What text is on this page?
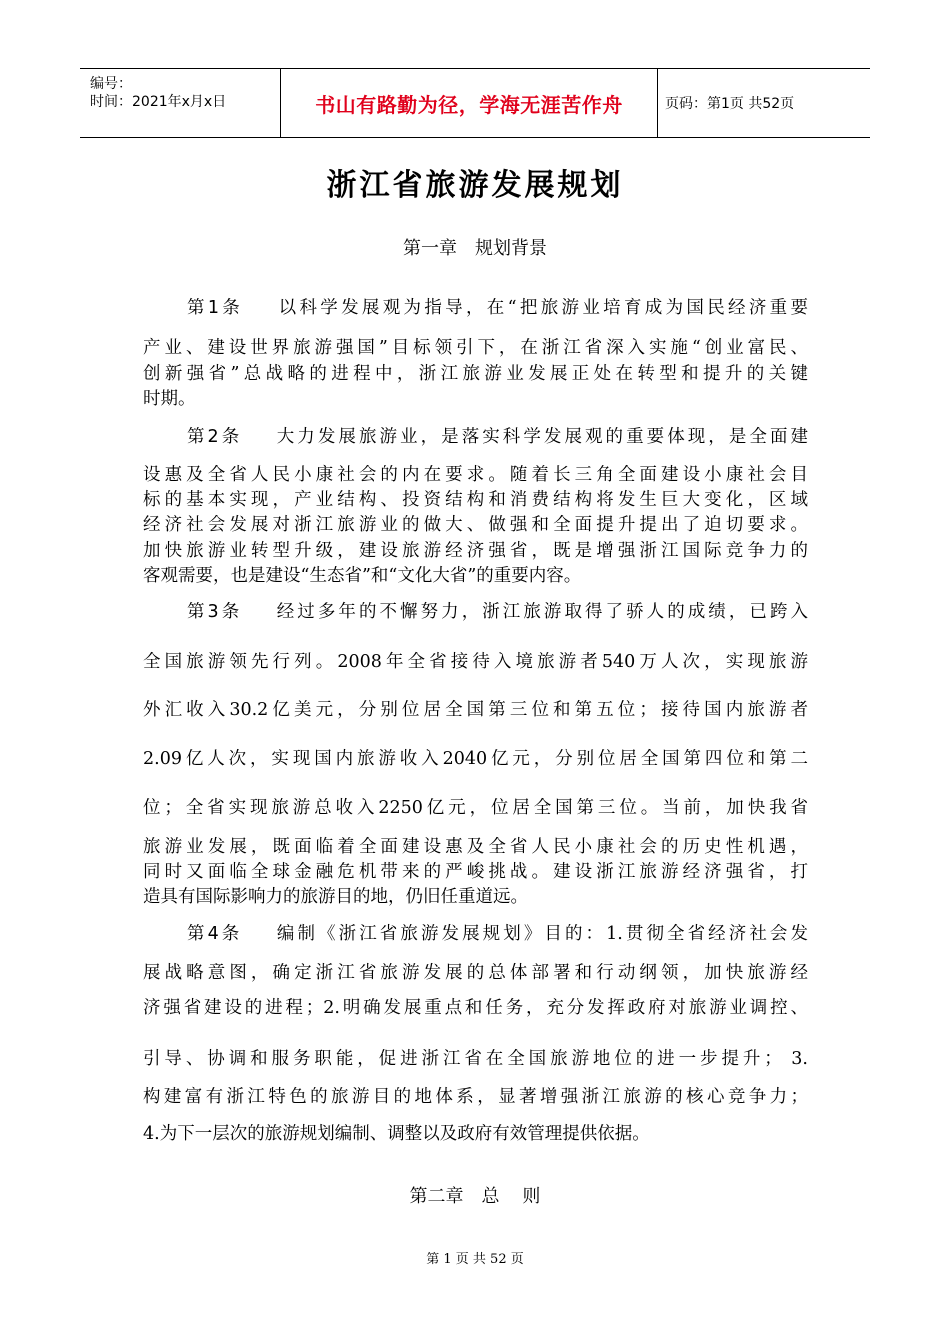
编号：
时间：2021年x月x日	书山有路勤为径，学海无涯苦作舟	页码：第1页 共52页
浙江省旅游发展规划
第一章 规划背景
第1条 以科学发展观为指导，在“把旅游业培育成为国民经济重要
产业、建设世界旅游强国”目标领引下，在浙江省深入实施“创业富民、
创新强省”总战略的进程中，浙江旅游业发展正处在转型和提升的关键
时期。
第2条 大力发展旅游业，是落实科学发展观的重要体现，是全面建
设惠及全省人民小康社会的内在要求。随着长三角全面建设小康社会目
标的基本实现，产业结构、投资结构和消费结构将发生巨大变化，区域
经济社会发展对浙江旅游业的做大、做强和全面提升提出了迫切要求。
加快旅游业转型升级，建设旅游经济强省，既是增强浙江国际竞争力的
客观需要，也是建设“生态省”和“文化大省”的重要内容。
第3条 经过多年的不懈努力，浙江旅游取得了骄人的成绩，已跨入
全国旅游领先行列。2008年全省接待入境旅游者540万人次，实现旅游
外汇收入30.2亿美元，分别位居全国第三位和第五位；接待国内旅游者
2.09亿人次，实现国内旅游收入2040亿元，分别位居全国第四位和第二
位；全省实现旅游总收入2250亿元，位居全国第三位。当前，加快我省
旅游业发展，既面临着全面建设惠及全省人民小康社会的历史性机遇，
同时又面临全球金融危机带来的严峻挑战。建设浙江旅游经济强省，打
造具有国际影响力的旅游目的地，仍旧任重道远。
第4条 编制《浙江省旅游发展规划》目的：1.贯彻全省经济社会发
展战略意图，确定浙江省旅游发展的总体部署和行动纲领，加快旅游经
济强省建设的进程；2.明确发展重点和任务，充分发挥政府对旅游业调控、
引导、协调和服务职能，促进浙江省在全国旅游地位的进一步提升； 3.
构建富有浙江特色的旅游目的地体系，显著增强浙江旅游的核心竞争力；
4.为下一层次的旅游规划编制、调整以及政府有效管理提供依据。
第二章 总    则
第 1 页 共 52 页
